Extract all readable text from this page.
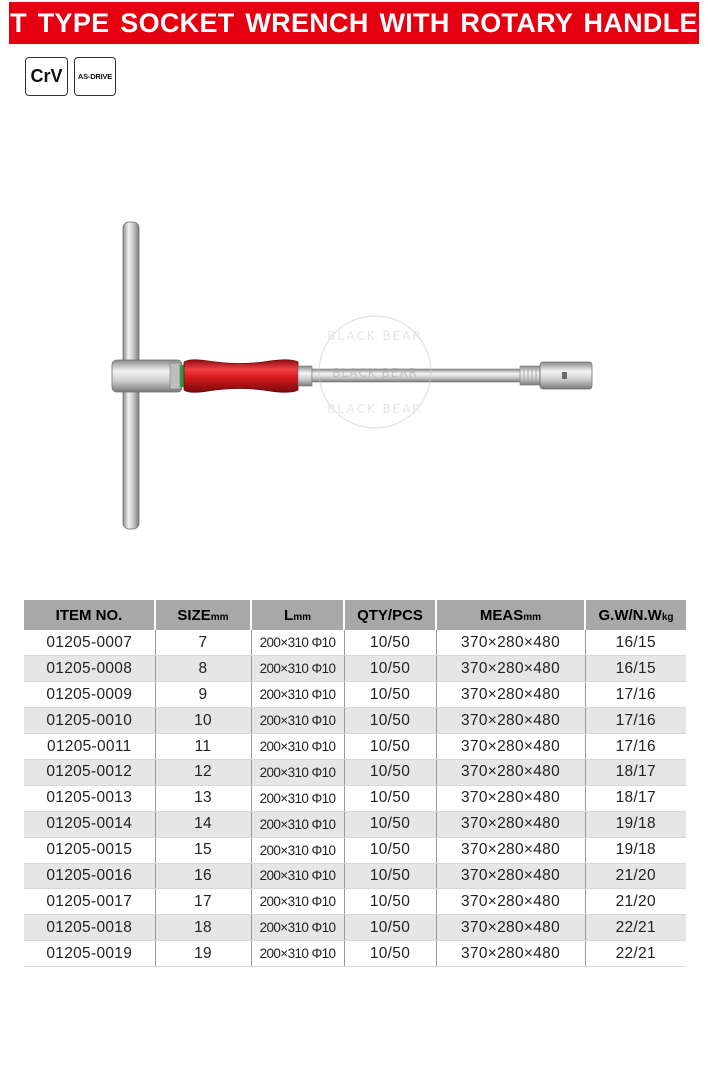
T TYPE SOCKET WRENCH WITH ROTARY HANDLE
CrV	AS-DRIVE
BLACK BEAR
BLACK BEAR
BLACK BEAR
ITEM NO.	SIZEmm	Lmm	QTY/PCS	MEASmm	G.W/N.Wkg
01205-0007	7	200×310 Φ10	10/50	370×280×480	16/15
01205-0008	8	200×310 Φ10	10/50	370×280×480	16/15
01205-0009	9	200×310 Φ10	10/50	370×280×480	17/16
01205-0010	10	200×310 Φ10	10/50	370×280×480	17/16
01205-0011	11	200×310 Φ10	10/50	370×280×480	17/16
01205-0012	12	200×310 Φ10	10/50	370×280×480	18/17
01205-0013	13	200×310 Φ10	10/50	370×280×480	18/17
01205-0014	14	200×310 Φ10	10/50	370×280×480	19/18
01205-0015	15	200×310 Φ10	10/50	370×280×480	19/18
01205-0016	16	200×310 Φ10	10/50	370×280×480	21/20
01205-0017	17	200×310 Φ10	10/50	370×280×480	21/20
01205-0018	18	200×310 Φ10	10/50	370×280×480	22/21
01205-0019	19	200×310 Φ10	10/50	370×280×480	22/21
